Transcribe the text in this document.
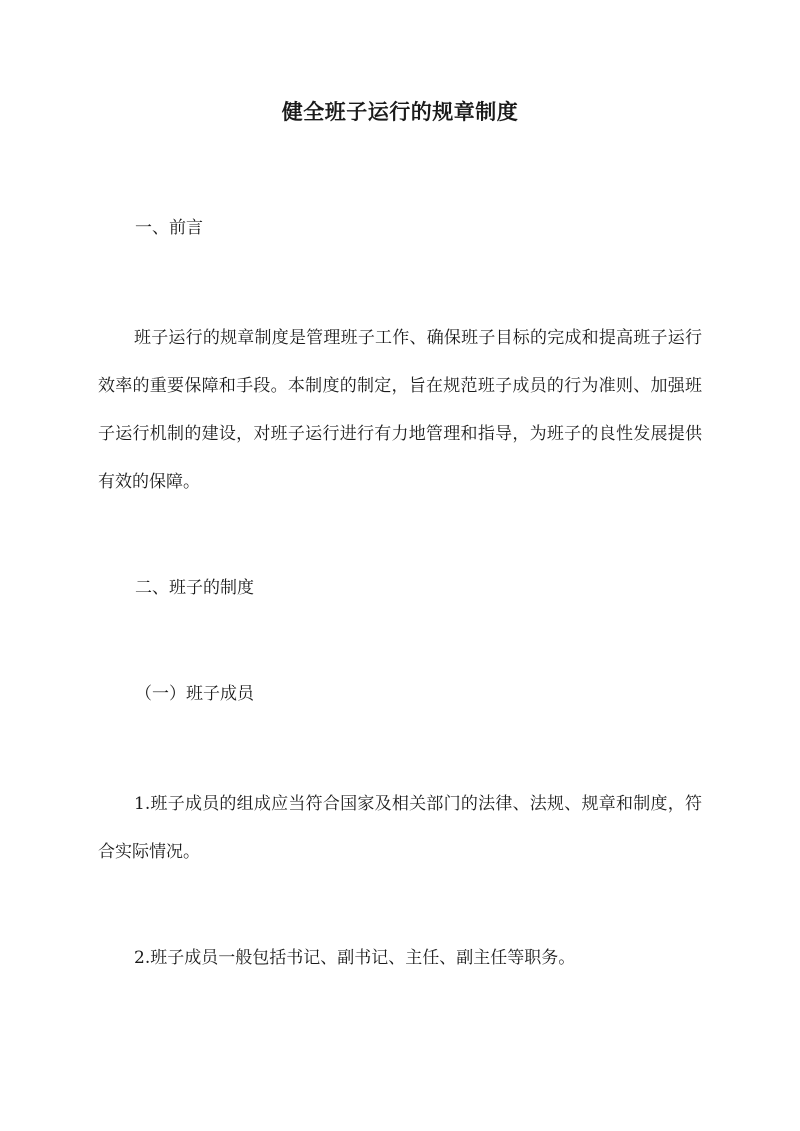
健全班子运行的规章制度
一、前言

班子运行的规章制度是管理班子工作、确保班子目标的完成和提高班子运行效率的重要保障和手段。本制度的制定，旨在规范班子成员的行为准则、加强班子运行机制的建设，对班子运行进行有力地管理和指导，为班子的良性发展提供有效的保障。

二、班子的制度
（一）班子成员

1.班子成员的组成应当符合国家及相关部门的法律、法规、规章和制度，符合实际情况。

2.班子成员一般包括书记、副书记、主任、副主任等职务。
